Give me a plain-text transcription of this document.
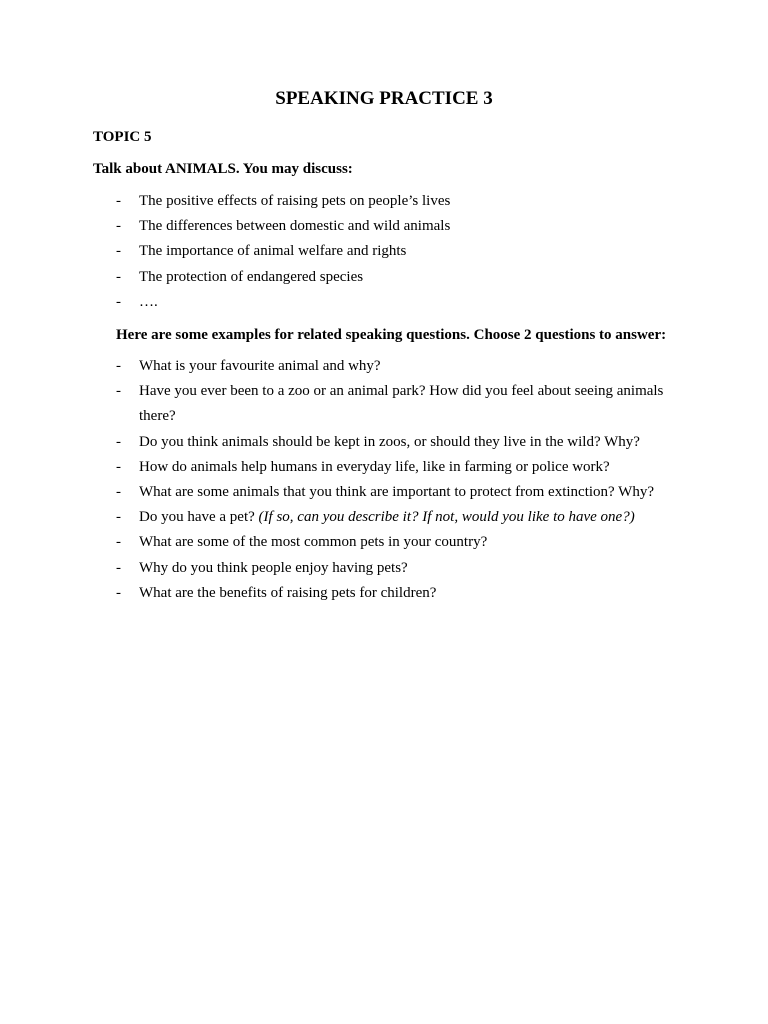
SPEAKING PRACTICE 3

TOPIC 5

Talk about ANIMALS. You may discuss:

- The positive effects of raising pets on people’s lives
- The differences between domestic and wild animals
- The importance of animal welfare and rights
- The protection of endangered species
- ….

Here are some examples for related speaking questions. Choose 2 questions to answer:

- What is your favourite animal and why?
- Have you ever been to a zoo or an animal park? How did you feel about seeing animals there?
- Do you think animals should be kept in zoos, or should they live in the wild? Why?
- How do animals help humans in everyday life, like in farming or police work?
- What are some animals that you think are important to protect from extinction? Why?
- Do you have a pet? (If so, can you describe it? If not, would you like to have one?)
- What are some of the most common pets in your country?
- Why do you think people enjoy having pets?
- What are the benefits of raising pets for children?
